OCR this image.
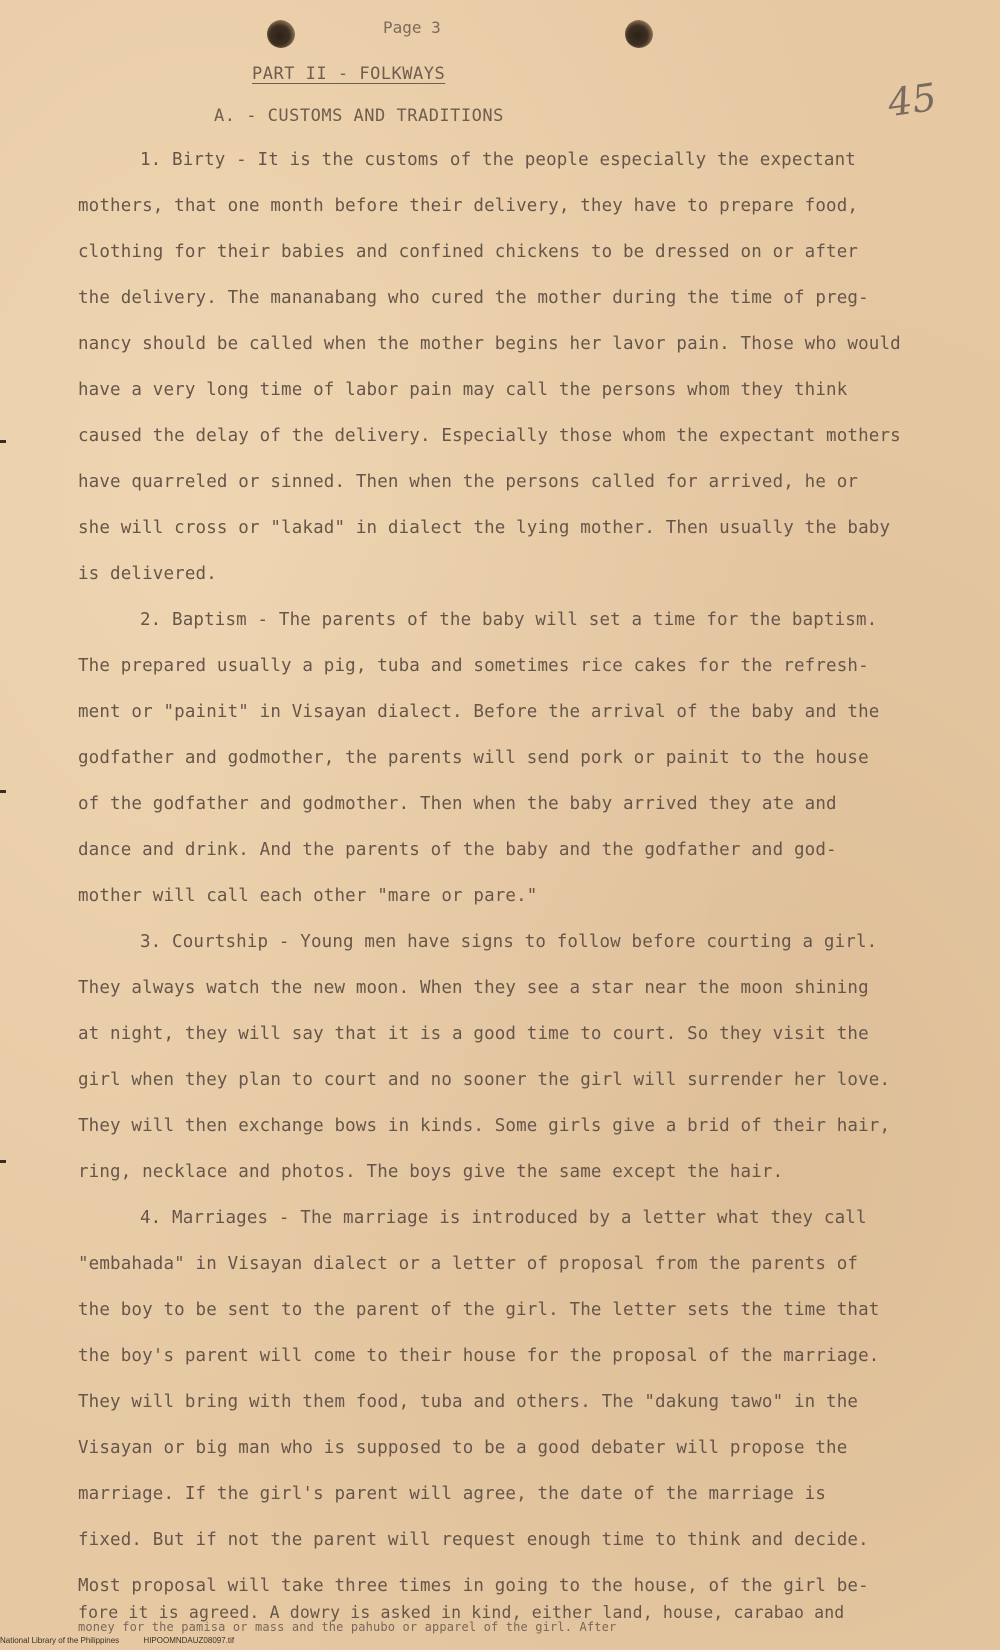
Page 3
PART II - FOLKWAYS
A. - CUSTOMS AND TRADITIONS	45
1. Birty - It is the customs of the people especially the expectant
mothers, that one month before their delivery, they have to prepare food,
clothing for their babies and confined chickens to be dressed on or after
the delivery. The mananabang who cured the mother during the time of preg-
nancy should be called when the mother begins her lavor pain. Those who would
have a very long time of labor pain may call the persons whom they think
caused the delay of the delivery. Especially those whom the expectant mothers
have quarreled or sinned. Then when the persons called for arrived, he or
she will cross or "lakad" in dialect the lying mother. Then usually the baby
is delivered.
2. Baptism - The parents of the baby will set a time for the baptism.
The prepared usually a pig, tuba and sometimes rice cakes for the refresh-
ment or "painit" in Visayan dialect. Before the arrival of the baby and the
godfather and godmother, the parents will send pork or painit to the house
of the godfather and godmother. Then when the baby arrived they ate and
dance and drink. And the parents of the baby and the godfather and god-
mother will call each other "mare or pare."
3. Courtship - Young men have signs to follow before courting a girl.
They always watch the new moon. When they see a star near the moon shining
at night, they will say that it is a good time to court. So they visit the
girl when they plan to court and no sooner the girl will surrender her love.
They will then exchange bows in kinds. Some girls give a brid of their hair,
ring, necklace and photos. The boys give the same except the hair.
4. Marriages - The marriage is introduced by a letter what they call
"embahada" in Visayan dialect or a letter of proposal from the parents of
the boy to be sent to the parent of the girl. The letter sets the time that
the boy's parent will come to their house for the proposal of the marriage.
They will bring with them food, tuba and others. The "dakung tawo" in the
Visayan or big man who is supposed to be a good debater will propose the
marriage. If the girl's parent will agree, the date of the marriage is
fixed. But if not the parent will request enough time to think and decide.
Most proposal will take three times in going to the house, of the girl be-
fore it is agreed. A dowry is asked in kind, either land, house, carabao and
money for the pamisa or mass and the pahubo or apparel of the girl. After
National Library of the Philippines	HIPOOMNDAUZ08097.tif
